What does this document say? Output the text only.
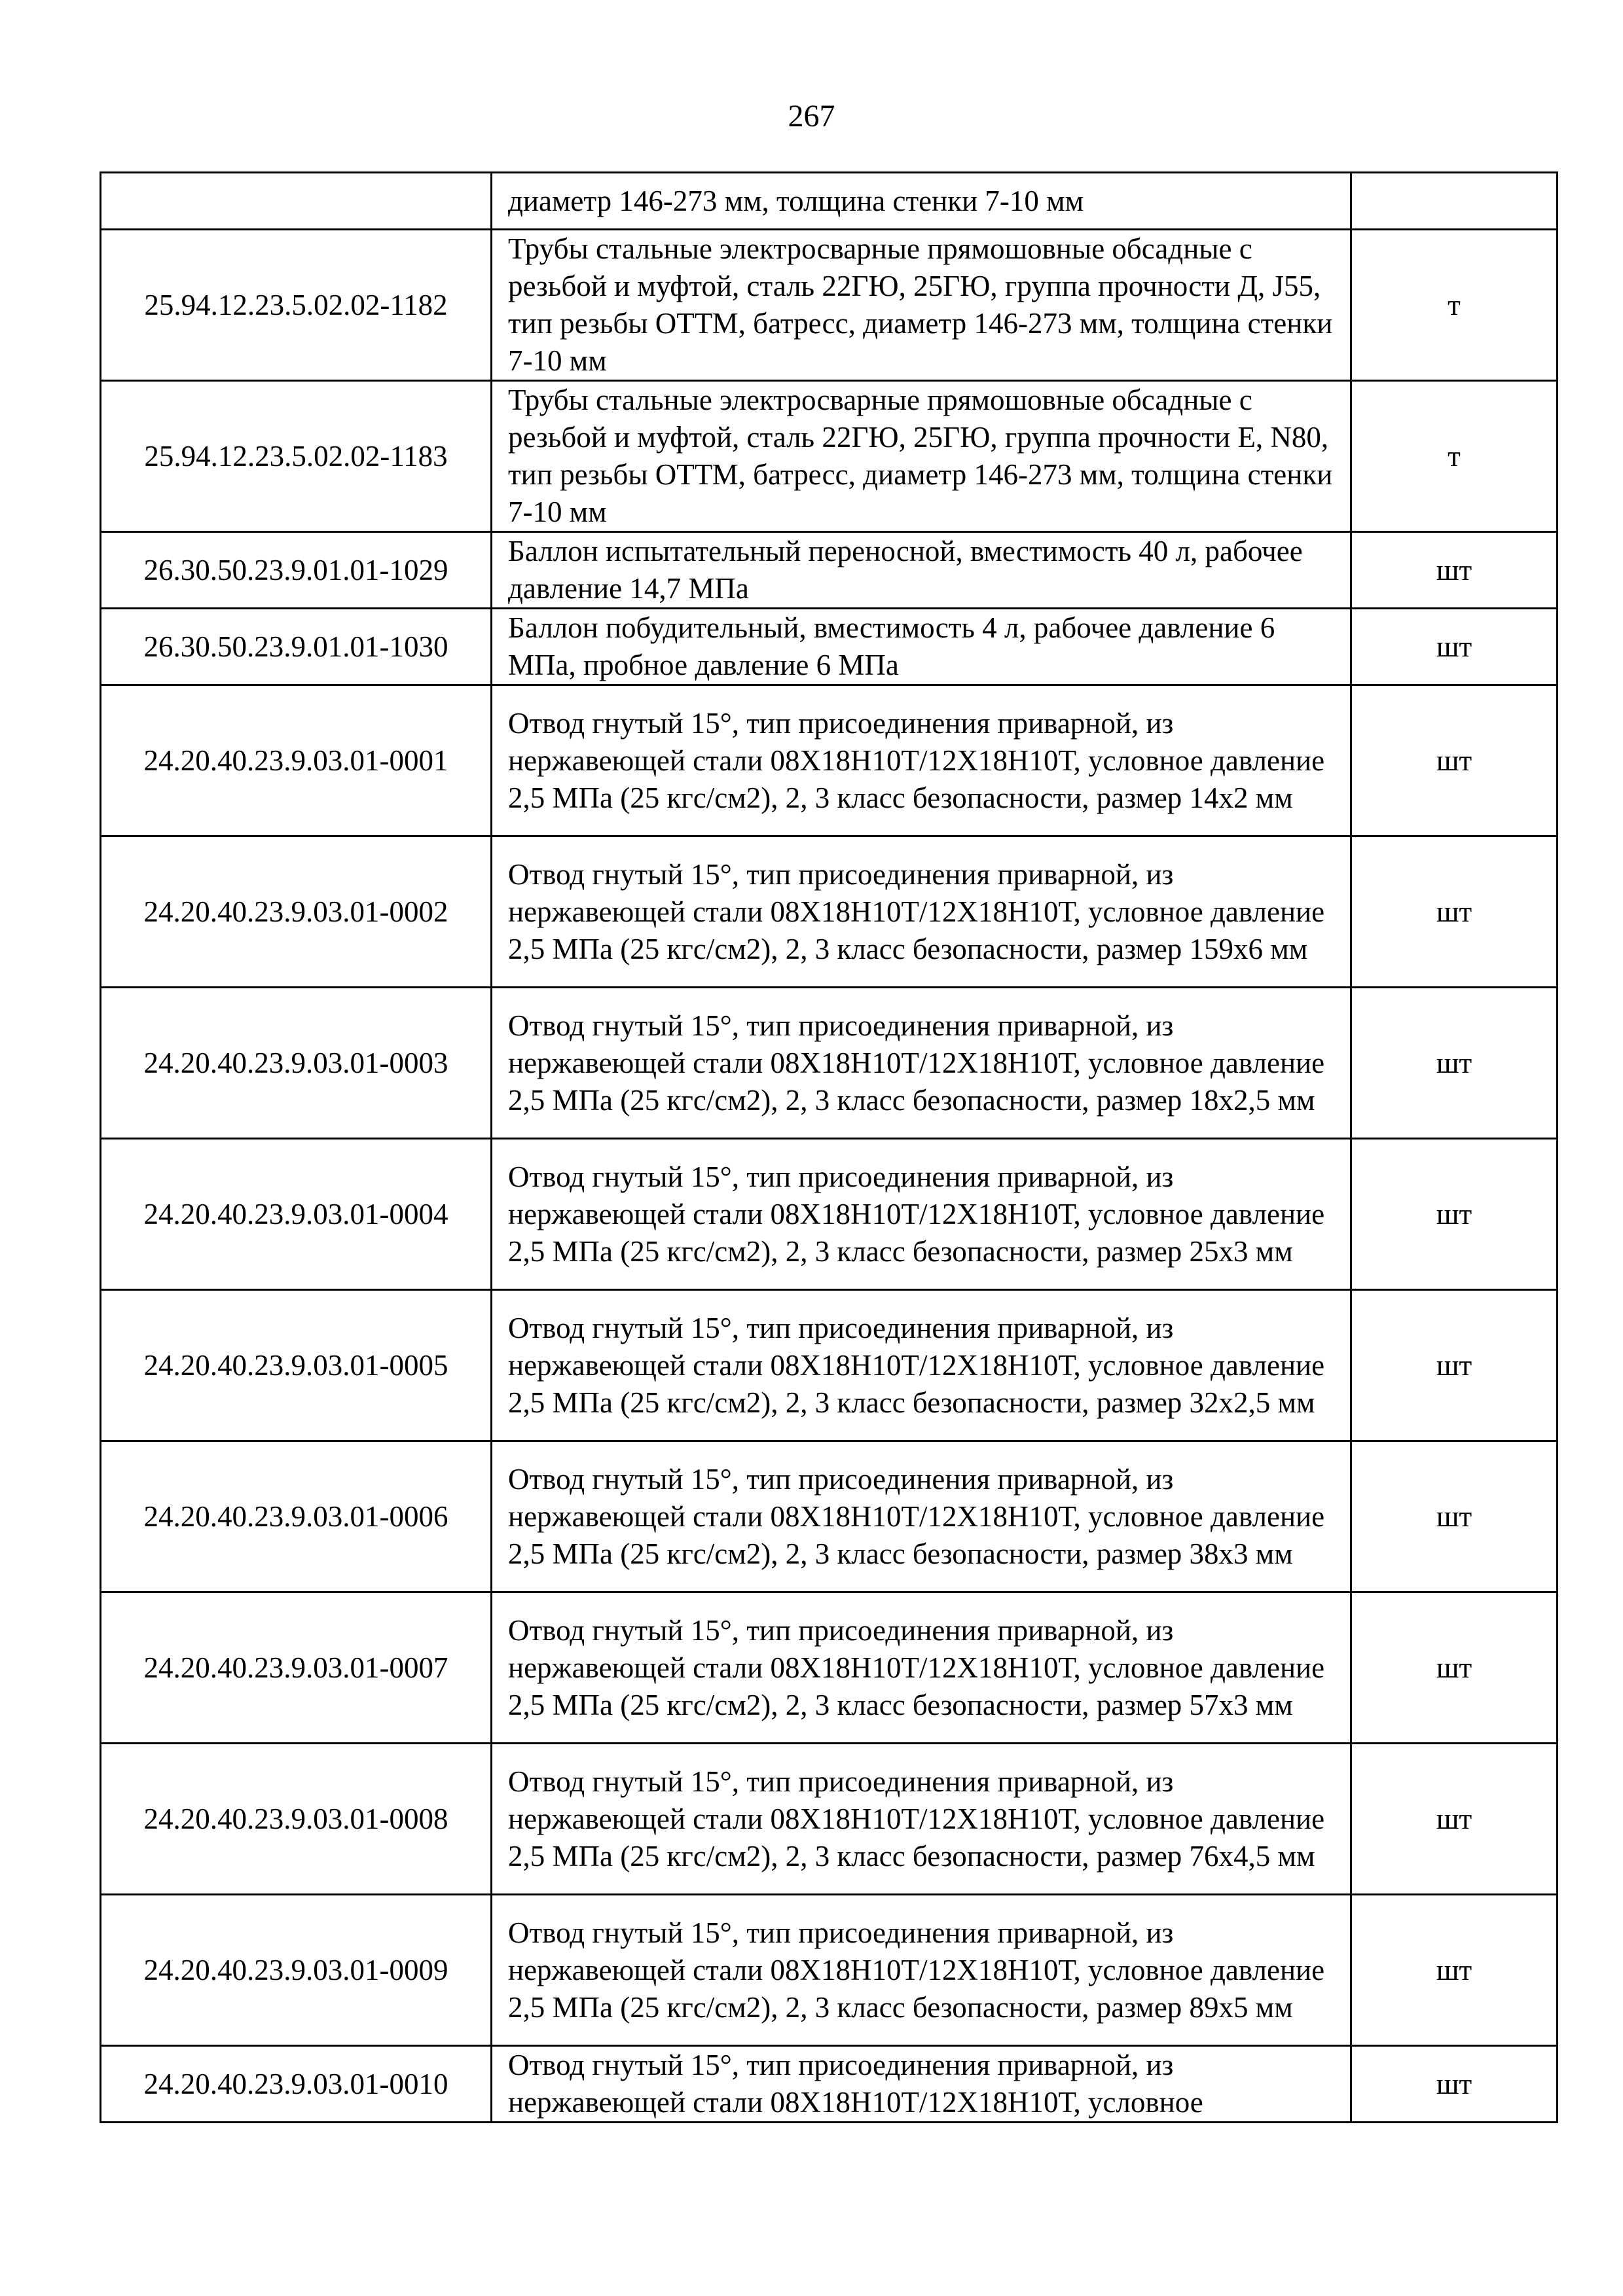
267
	диаметр 146-273 мм, толщина стенки 7-10 мм	
25.94.12.23.5.02.02-1182	Трубы стальные электросварные прямошовные обсадные с резьбой и муфтой, сталь 22ГЮ, 25ГЮ, группа прочности Д, J55, тип резьбы ОТТМ, батресс, диаметр 146-273 мм, толщина стенки 7-10 мм	т
25.94.12.23.5.02.02-1183	Трубы стальные электросварные прямошовные обсадные с резьбой и муфтой, сталь 22ГЮ, 25ГЮ, группа прочности Е, N80, тип резьбы ОТТМ, батресс, диаметр 146-273 мм, толщина стенки 7-10 мм	т
26.30.50.23.9.01.01-1029	Баллон испытательный переносной, вместимость 40 л, рабочее давление 14,7 МПа	шт
26.30.50.23.9.01.01-1030	Баллон побудительный, вместимость 4 л, рабочее давление 6 МПа, пробное давление 6 МПа	шт
24.20.40.23.9.03.01-0001	Отвод гнутый 15°, тип присоединения приварной, из нержавеющей стали 08Х18Н10Т/12Х18Н10Т, условное давление 2,5 МПа (25 кгс/см2), 2, 3 класс безопасности, размер 14х2 мм	шт
24.20.40.23.9.03.01-0002	Отвод гнутый 15°, тип присоединения приварной, из нержавеющей стали 08Х18Н10Т/12Х18Н10Т, условное давление 2,5 МПа (25 кгс/см2), 2, 3 класс безопасности, размер 159х6 мм	шт
24.20.40.23.9.03.01-0003	Отвод гнутый 15°, тип присоединения приварной, из нержавеющей стали 08Х18Н10Т/12Х18Н10Т, условное давление 2,5 МПа (25 кгс/см2), 2, 3 класс безопасности, размер 18х2,5 мм	шт
24.20.40.23.9.03.01-0004	Отвод гнутый 15°, тип присоединения приварной, из нержавеющей стали 08Х18Н10Т/12Х18Н10Т, условное давление 2,5 МПа (25 кгс/см2), 2, 3 класс безопасности, размер 25х3 мм	шт
24.20.40.23.9.03.01-0005	Отвод гнутый 15°, тип присоединения приварной, из нержавеющей стали 08Х18Н10Т/12Х18Н10Т, условное давление 2,5 МПа (25 кгс/см2), 2, 3 класс безопасности, размер 32х2,5 мм	шт
24.20.40.23.9.03.01-0006	Отвод гнутый 15°, тип присоединения приварной, из нержавеющей стали 08Х18Н10Т/12Х18Н10Т, условное давление 2,5 МПа (25 кгс/см2), 2, 3 класс безопасности, размер 38х3 мм	шт
24.20.40.23.9.03.01-0007	Отвод гнутый 15°, тип присоединения приварной, из нержавеющей стали 08Х18Н10Т/12Х18Н10Т, условное давление 2,5 МПа (25 кгс/см2), 2, 3 класс безопасности, размер 57х3 мм	шт
24.20.40.23.9.03.01-0008	Отвод гнутый 15°, тип присоединения приварной, из нержавеющей стали 08Х18Н10Т/12Х18Н10Т, условное давление 2,5 МПа (25 кгс/см2), 2, 3 класс безопасности, размер 76х4,5 мм	шт
24.20.40.23.9.03.01-0009	Отвод гнутый 15°, тип присоединения приварной, из нержавеющей стали 08Х18Н10Т/12Х18Н10Т, условное давление 2,5 МПа (25 кгс/см2), 2, 3 класс безопасности, размер 89х5 мм	шт
24.20.40.23.9.03.01-0010	Отвод гнутый 15°, тип присоединения приварной, из нержавеющей стали 08Х18Н10Т/12Х18Н10Т, условное	шт
